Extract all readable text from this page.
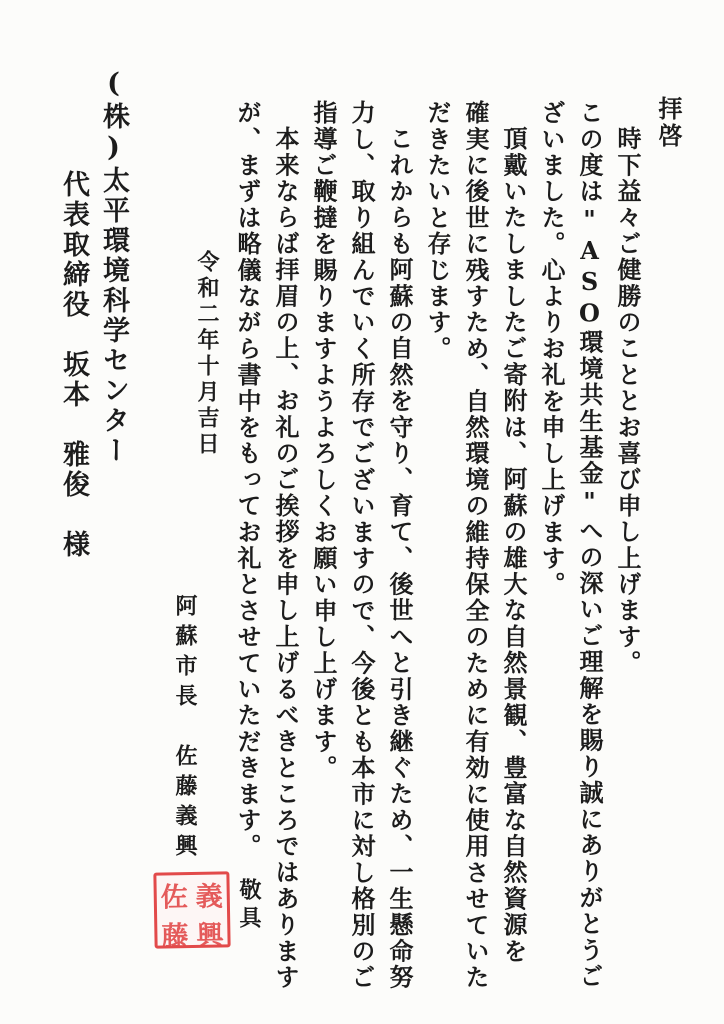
拝啓
時下益々ご健勝のこととお喜び申し上げます。
この度は"ASO環境共生基金"への深いご理解を賜り誠にありがとうご
ざいました。心よりお礼を申し上げます。
頂戴いたしましたご寄附は、阿蘇の雄大な自然景観、豊富な自然資源を
確実に後世に残すため、自然環境の維持保全のために有効に使用させていた
だきたいと存じます。
これからも阿蘇の自然を守り、育て、後世へと引き継ぐため、一生懸命努
力し、取り組んでいく所存でございますので、今後とも本市に対し格別のご
指導ご鞭撻を賜りますようよろしくお願い申し上げます。
本来ならば拝眉の上、お礼のご挨拶を申し上げるべきところではあります
が、まずは略儀ながら書中をもってお礼とさせていただきます。
敬具
令和二年十月吉日
阿蘇市長　佐藤義興
佐 義
藤 興
(株)太平環境科学センター
代表取締役　坂本　雅俊　様
